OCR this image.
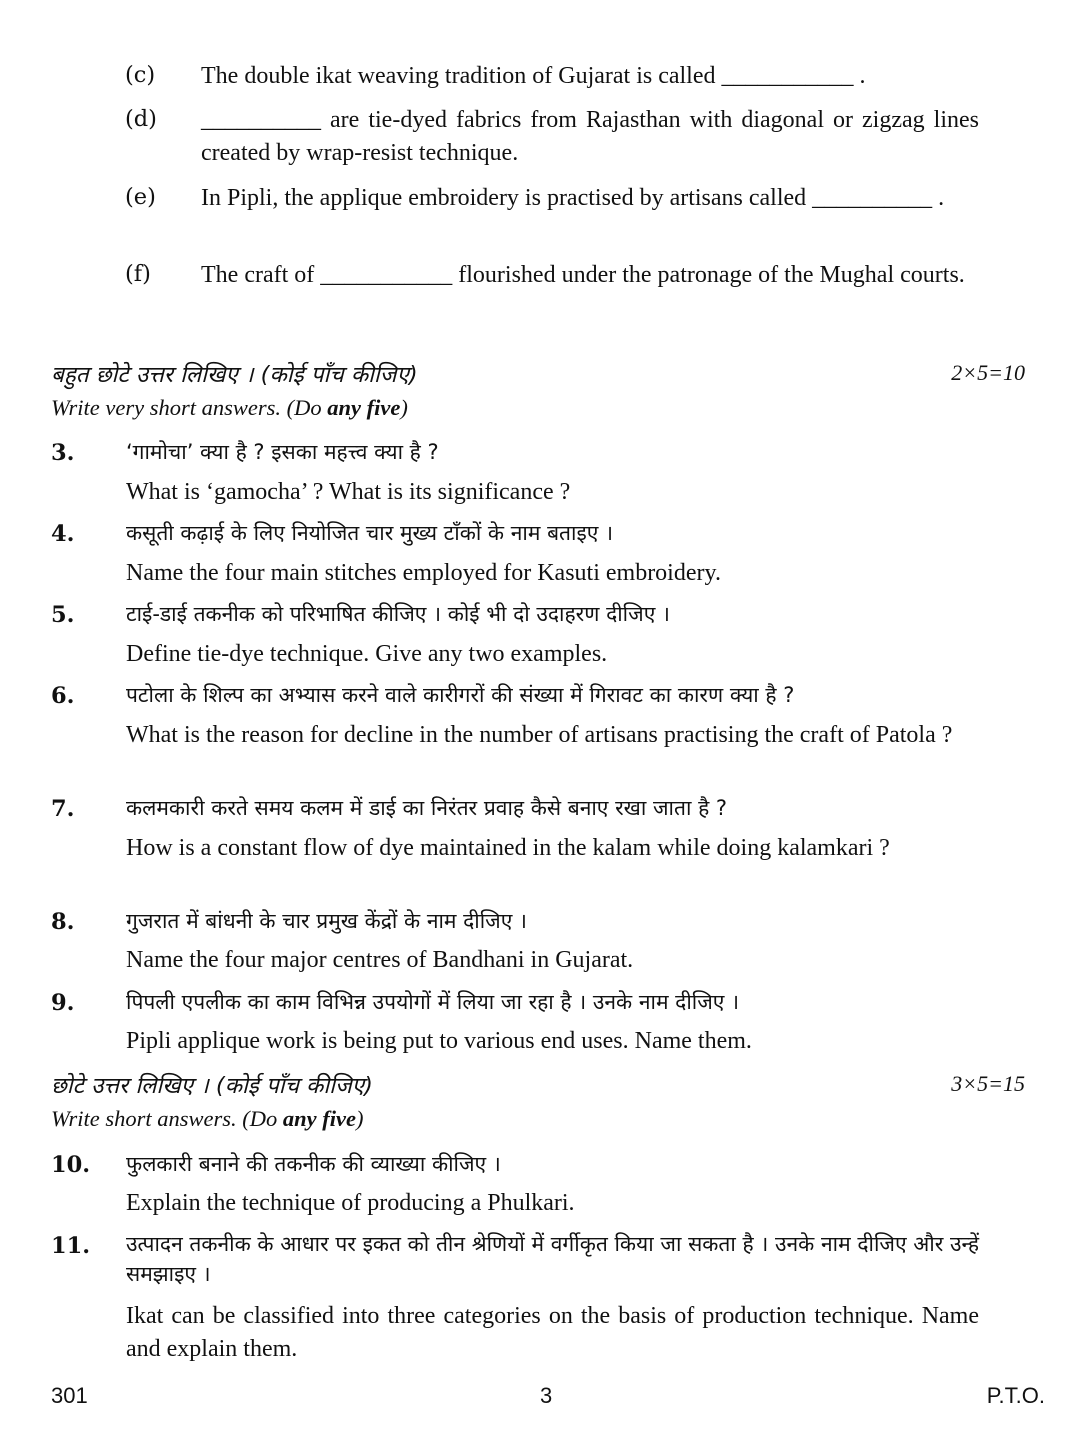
(c) The double ikat weaving tradition of Gujarat is called ___________ .
(d) __________ are tie-dyed fabrics from Rajasthan with diagonal or zigzag lines created by wrap-resist technique.
(e) In Pipli, the applique embroidery is practised by artisans called __________ .
(f) The craft of ___________ flourished under the patronage of the Mughal courts.
बहुत छोटे उत्तर लिखिए । (कोई पाँच कीजिए)	2×5=10
Write very short answers. (Do any five)
3. ‘गामोचा’ क्या है ? इसका महत्त्व क्या है ?
What is ‘gamocha’ ? What is its significance ?
4. कसूती कढ़ाई के लिए नियोजित चार मुख्य टाँकों के नाम बताइए ।
Name the four main stitches employed for Kasuti embroidery.
5. टाई-डाई तकनीक को परिभाषित कीजिए । कोई भी दो उदाहरण दीजिए ।
Define tie-dye technique. Give any two examples.
6. पटोला के शिल्प का अभ्यास करने वाले कारीगरों की संख्या में गिरावट का कारण क्या है ?
What is the reason for decline in the number of artisans practising the craft of Patola ?
7. कलमकारी करते समय कलम में डाई का निरंतर प्रवाह कैसे बनाए रखा जाता है ?
How is a constant flow of dye maintained in the kalam while doing kalamkari ?
8. गुजरात में बांधनी के चार प्रमुख केंद्रों के नाम दीजिए ।
Name the four major centres of Bandhani in Gujarat.
9. पिपली एपलीक का काम विभिन्न उपयोगों में लिया जा रहा है । उनके नाम दीजिए ।
Pipli applique work is being put to various end uses. Name them.
छोटे उत्तर लिखिए । (कोई पाँच कीजिए)	3×5=15
Write short answers. (Do any five)
10. फुलकारी बनाने की तकनीक की व्याख्या कीजिए ।
Explain the technique of producing a Phulkari.
11. उत्पादन तकनीक के आधार पर इकत को तीन श्रेणियों में वर्गीकृत किया जा सकता है । उनके नाम दीजिए और उन्हें समझाइए ।
Ikat can be classified into three categories on the basis of production technique. Name and explain them.
301	3	P.T.O.
